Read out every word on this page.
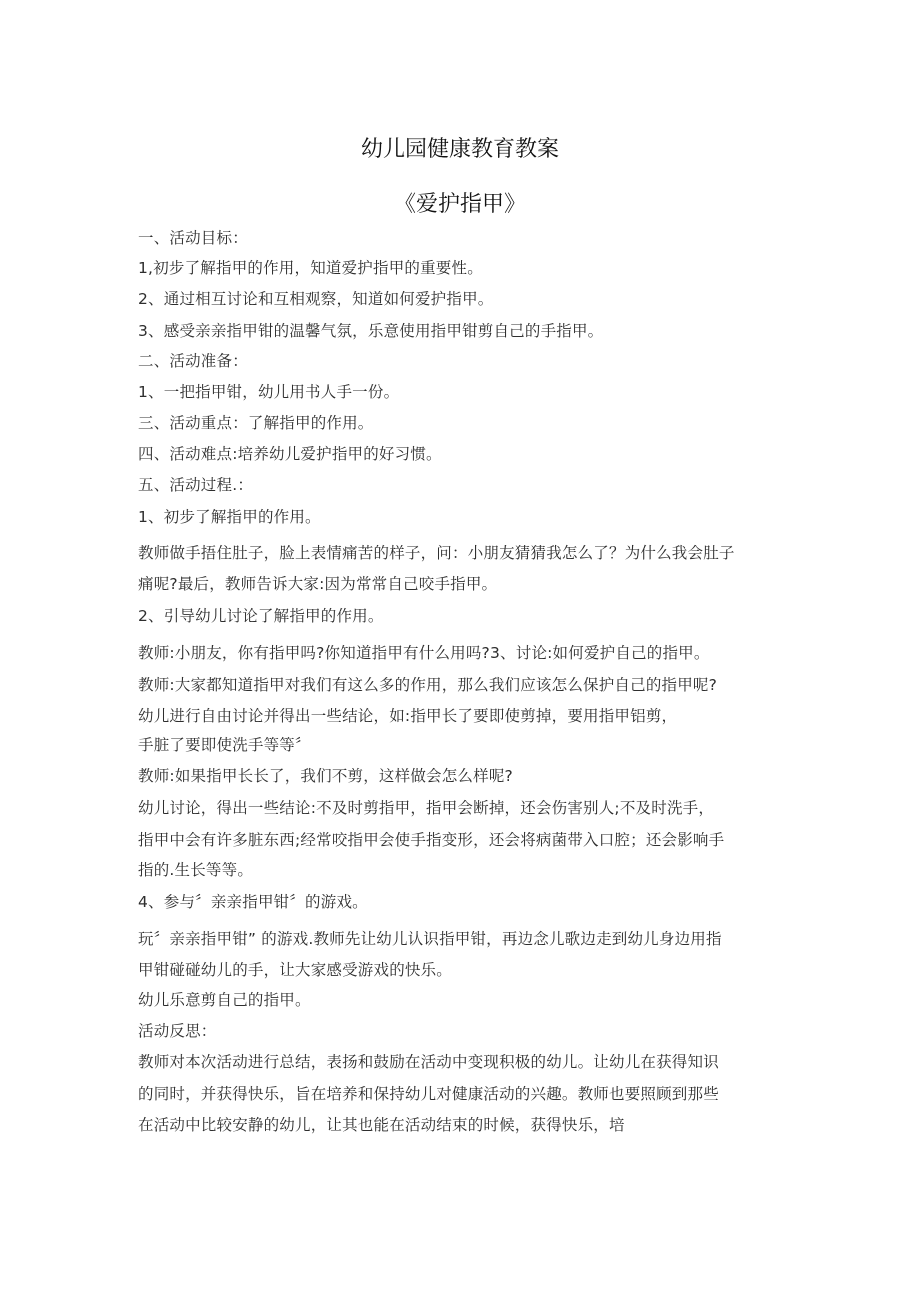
幼儿园健康教育教案
《爱护指甲》
一、活动目标：
1,初步了解指甲的作用，知道爱护指甲的重要性。
2、通过相互讨论和互相观察，知道如何爱护指甲。
3、感受亲亲指甲钳的温馨气氛，乐意使用指甲钳剪自己的手指甲。
二、活动准备：
1、一把指甲钳，幼儿用书人手一份。
三、活动重点：了解指甲的作用。
四、活动难点:培养幼儿爱护指甲的好习惯。
五、活动过程.：
1、初步了解指甲的作用。
教师做手捂住肚子，脸上表情痛苦的样子，问：小朋友猜猜我怎么了？为什么我会肚子
痛呢?最后，教师告诉大家:因为常常自己咬手指甲。
2、引导幼儿讨论了解指甲的作用。
教师:小朋友，你有指甲吗?你知道指甲有什么用吗?3、讨论:如何爱护自己的指甲。
教师:大家都知道指甲对我们有这么多的作用，那么我们应该怎么保护自己的指甲呢?
幼儿进行自由讨论并得出一些结论，如:指甲长了要即使剪掉，要用指甲铝剪，
手脏了要即使洗手等等〞
教师:如果指甲长长了，我们不剪，这样做会怎么样呢?
幼儿讨论，得出一些结论:不及时剪指甲，指甲会断掉，还会伤害别人;不及时洗手，
指甲中会有许多脏东西;经常咬指甲会使手指变形，还会将病菌带入口腔；还会影响手
指的.生长等等。
4、参与〞亲亲指甲钳〞的游戏。
玩〞亲亲指甲钳” 的游戏.教师先让幼儿认识指甲钳，再边念儿歌边走到幼儿身边用指
甲钳碰碰幼儿的手，让大家感受游戏的快乐。
幼儿乐意剪自己的指甲。
活动反思：
教师对本次活动进行总结，表扬和鼓励在活动中变现积极的幼儿。让幼儿在获得知识
的同时，并获得快乐，旨在培养和保持幼儿对健康活动的兴趣。教师也要照顾到那些
在活动中比较安静的幼儿，让其也能在活动结束的时候，获得快乐，培
